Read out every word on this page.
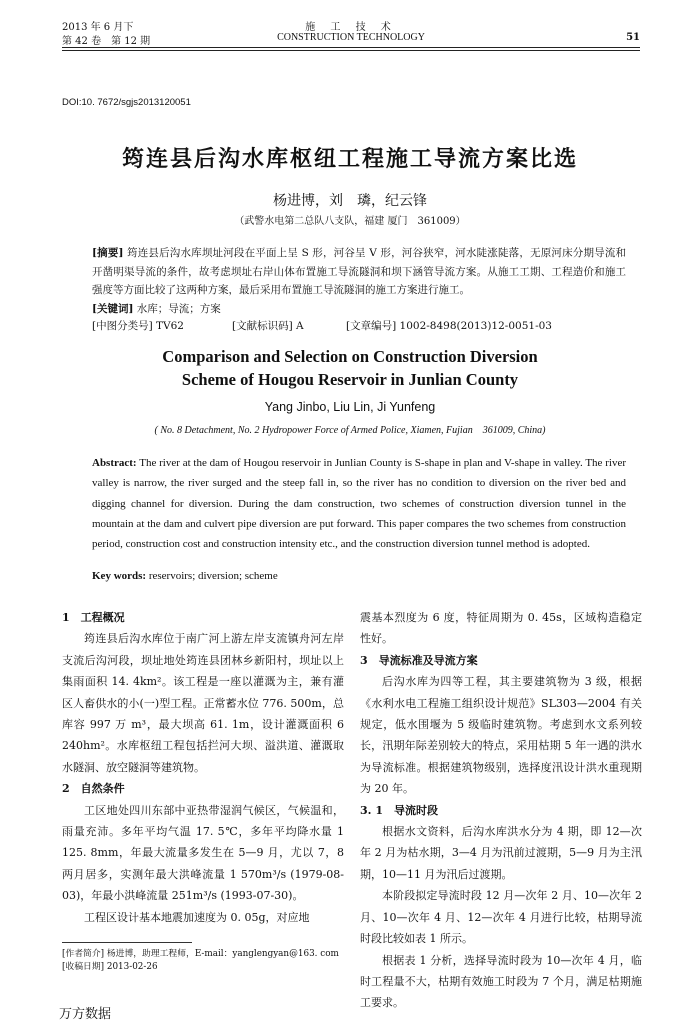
2013 年 6 月下
第 42 卷　第 12 期
施 工 技 术
CONSTRUCTION TECHNOLOGY	51
DOI:10. 7672/sgjs2013120051
筠连县后沟水库枢纽工程施工导流方案比选
杨进博，刘　璘，纪云锋
（武警水电第二总队八支队，福建 厦门　361009）
[摘要] 筠连县后沟水库坝址河段在平面上呈 S 形，河谷呈 V 形，河谷狭窄，河水陡涨陡落，无原河床分期导流和开凿明渠导流的条件，故考虑坝址右岸山体布置施工导流隧洞和坝下涵管导流方案。从施工工期、工程造价和施工强度等方面比较了这两种方案，最后采用布置施工导流隧洞的施工方案进行施工。
[关键词] 水库；导流；方案
[中图分类号] TV62	[文献标识码] A	[文章编号] 1002-8498(2013)12-0051-03
Comparison and Selection on Construction Diversion
Scheme of Hougou Reservoir in Junlian County
Yang Jinbo, Liu Lin, Ji Yunfeng
( No. 8 Detachment, No. 2 Hydropower Force of Armed Police, Xiamen, Fujian　361009, China)
Abstract: The river at the dam of Hougou reservoir in Junlian County is S-shape in plan and V-shape in valley. The river valley is narrow, the river surged and the steep fall in, so the river has no condition to diversion on the river bed and digging channel for diversion. During the dam construction, two schemes of construction diversion tunnel in the mountain at the dam and culvert pipe diversion are put forward. This paper compares the two schemes from construction period, construction cost and construction intensity etc., and the construction diversion tunnel method is adopted.
Key words: reservoirs; diversion; scheme
1　工程概况

筠连县后沟水库位于南广河上游左岸支流镇舟河左岸支流后沟河段，坝址地处筠连县团林乡新阳村，坝址以上集雨面积 14. 4km²。该工程是一座以灌溉为主，兼有灌区人畜供水的小(一)型工程。正常蓄水位 776. 500m，总库容 997 万 m³，最大坝高 61. 1m，设计灌溉面积 6 240hm²。水库枢纽工程包括拦河大坝、溢洪道、灌溉取水隧洞、放空隧洞等建筑物。

2　自然条件

工区地处四川东部中亚热带湿润气候区，气候温和，雨量充沛。多年平均气温 17. 5℃，多年平均降水量 1 125. 8mm，年最大流量多发生在 5—9 月，尤以 7，8 两月居多，实测年最大洪峰流量 1 570m³/s (1979-08-03)，年最小洪峰流量 251m³/s (1993-07-30)。

工程区设计基本地震加速度为 0. 05g，对应地

震基本烈度为 6 度，特征周期为 0. 45s，区域构造稳定性好。

3　导流标准及导流方案

后沟水库为四等工程，其主要建筑物为 3 级，根据《水利水电工程施工组织设计规范》SL303—2004 有关规定，低水围堰为 5 级临时建筑物。考虑到水文系列较长，汛期年际差别较大的特点，采用枯期 5 年一遇的洪水为导流标准。根据建筑物级别，选择度汛设计洪水重现期为 20 年。

3. 1　导流时段

根据水文资料，后沟水库洪水分为 4 期，即 12—次年 2 月为枯水期，3—4 月为汛前过渡期，5—9 月为主汛期，10—11 月为汛后过渡期。

本阶段拟定导流时段 12 月—次年 2 月、10—次年 2 月、10—次年 4 月、12—次年 4 月进行比较，枯期导流时段比较如表 1 所示。

根据表 1 分析，选择导流时段为 10—次年 4 月，临时工程量不大，枯期有效施工时段为 7 个月，满足枯期施工要求。

[作者简介] 杨进博，助理工程师，E-mail：yanglengyan@163. com
[收稿日期] 2013-02-26
万方数据
